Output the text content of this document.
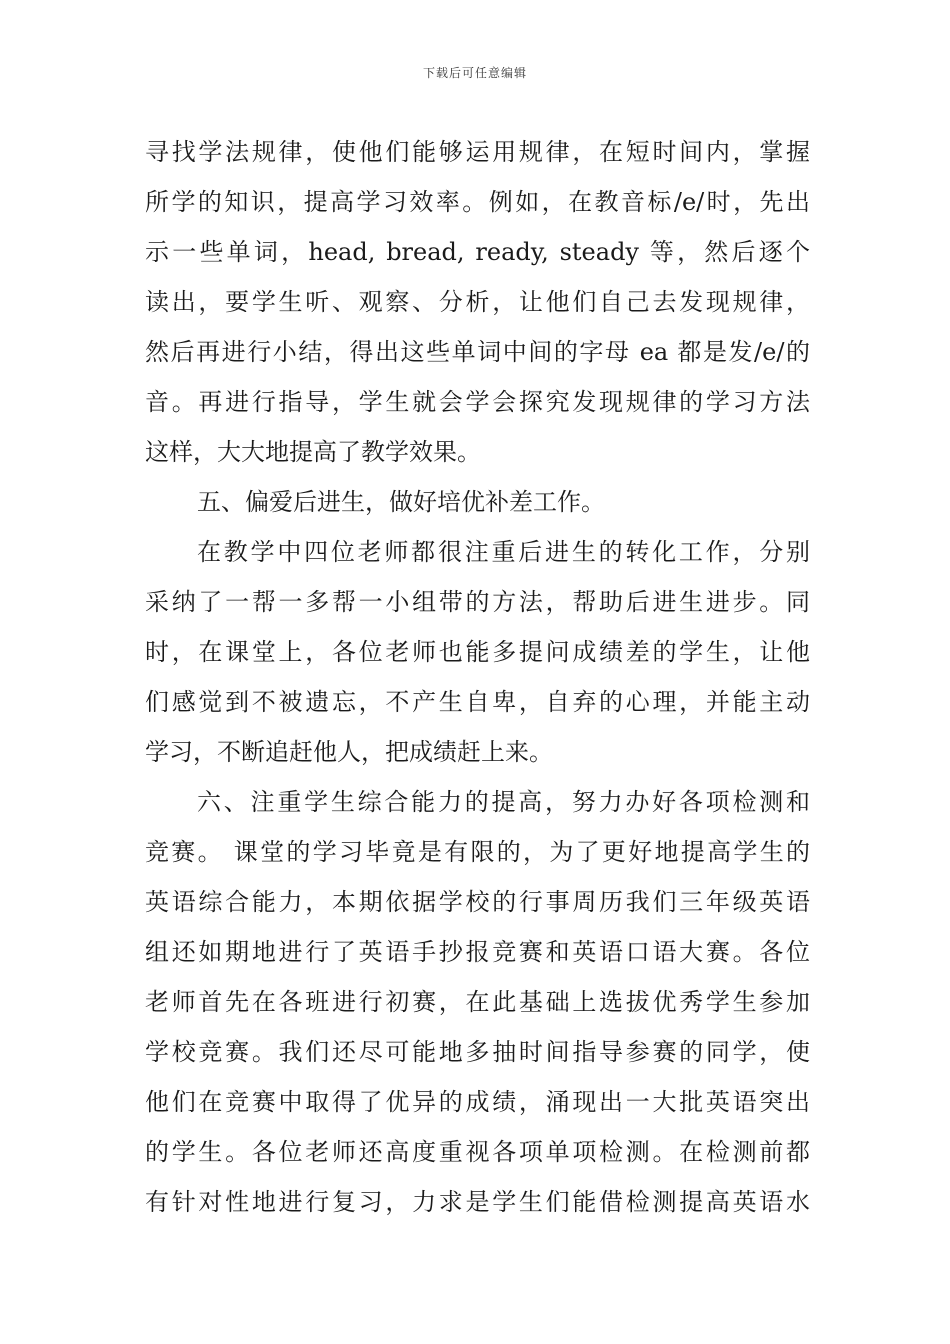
下载后可任意编辑
寻找学法规律，使他们能够运用规律，在短时间内，掌握
所学的知识，提高学习效率。例如，在教音标/e/时，先出
示一些单词，head, bread, ready, steady 等，然后逐个
读出，要学生听、观察、分析，让他们自己去发现规律，
然后再进行小结，得出这些单词中间的字母 ea 都是发/e/的
音。再进行指导，学生就会学会探究发现规律的学习方法
这样，大大地提高了教学效果。
五、偏爱后进生，做好培优补差工作。
在教学中四位老师都很注重后进生的转化工作，分别
采纳了一帮一多帮一小组带的方法，帮助后进生进步。同
时，在课堂上，各位老师也能多提问成绩差的学生，让他
们感觉到不被遗忘，不产生自卑，自弃的心理，并能主动
学习，不断追赶他人，把成绩赶上来。
六、注重学生综合能力的提高，努力办好各项检测和
竞赛。 课堂的学习毕竟是有限的，为了更好地提高学生的
英语综合能力，本期依据学校的行事周历我们三年级英语
组还如期地进行了英语手抄报竞赛和英语口语大赛。各位
老师首先在各班进行初赛，在此基础上选拔优秀学生参加
学校竞赛。我们还尽可能地多抽时间指导参赛的同学，使
他们在竞赛中取得了优异的成绩，涌现出一大批英语突出
的学生。各位老师还高度重视各项单项检测。在检测前都
有针对性地进行复习，力求是学生们能借检测提高英语水
